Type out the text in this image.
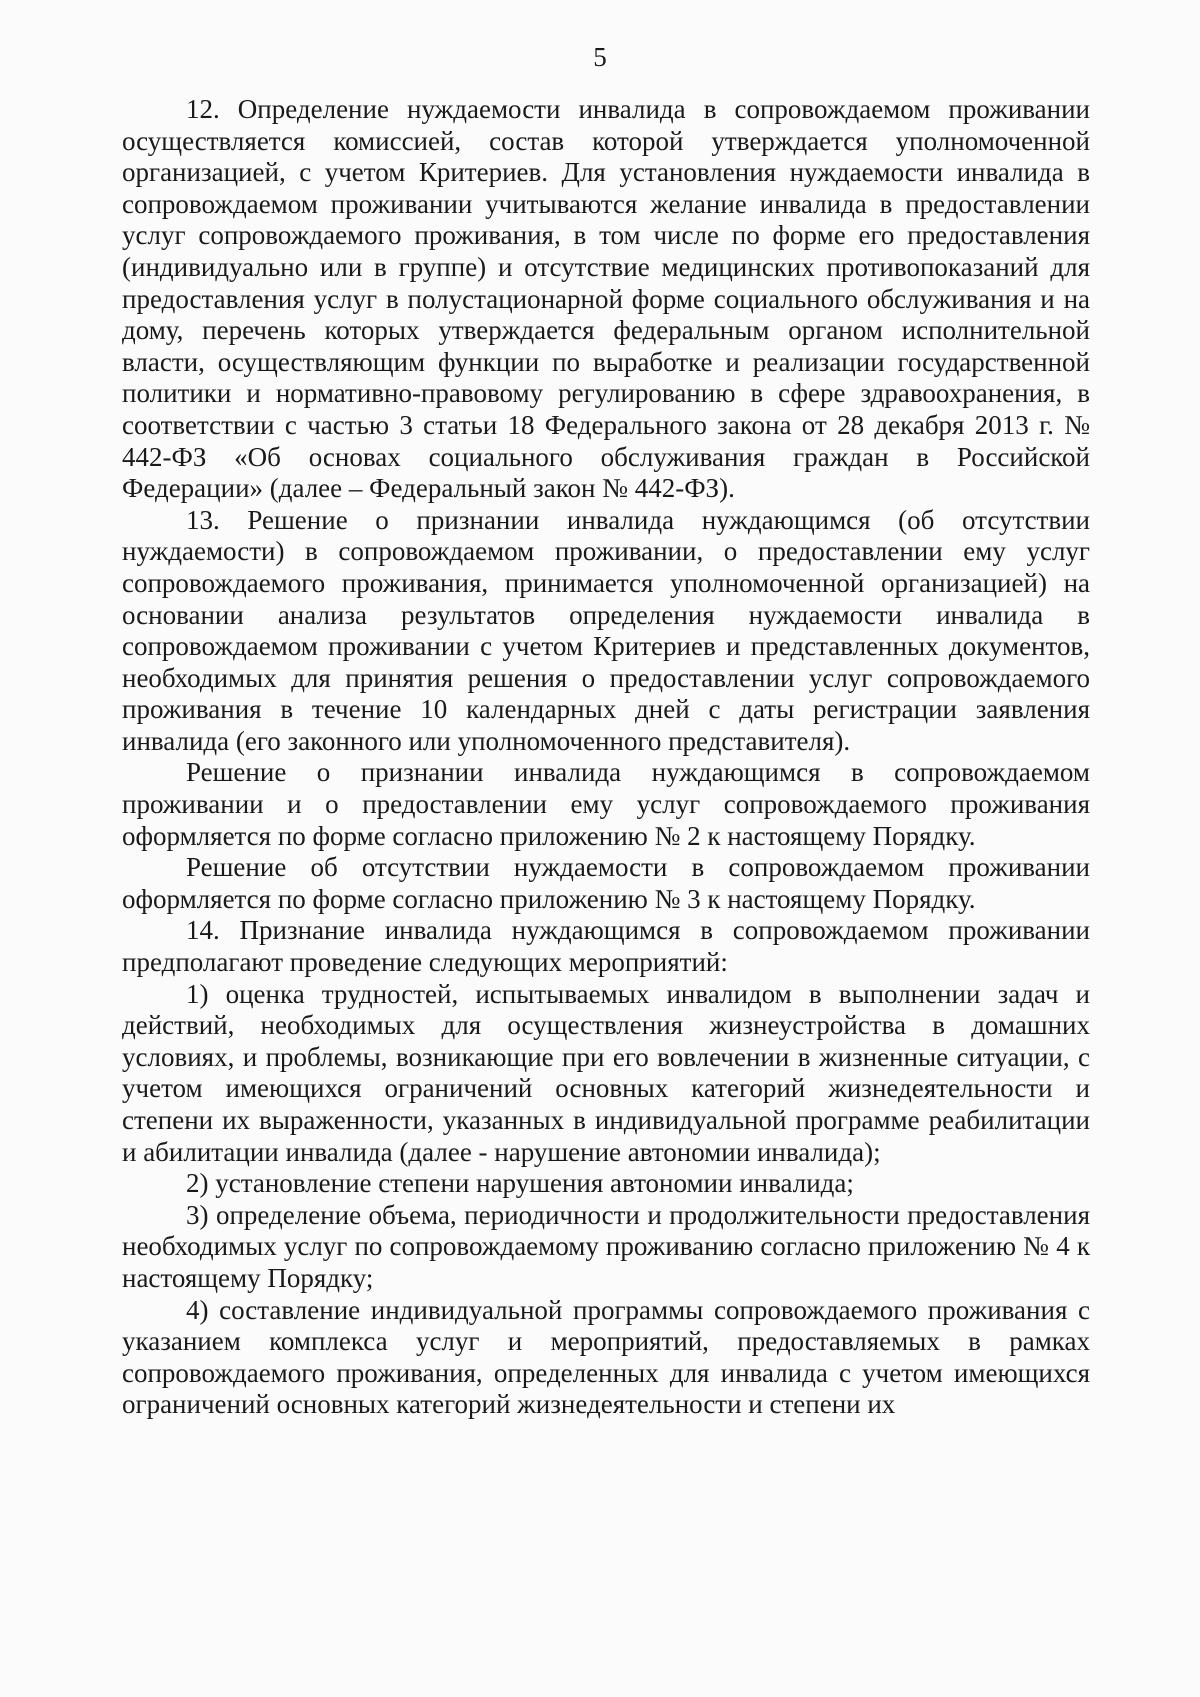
5

12. Определение нуждаемости инвалида в сопровождаемом проживании осуществляется комиссией, состав которой утверждается уполномоченной организацией, с учетом Критериев. Для установления нуждаемости инвалида в сопровождаемом проживании учитываются желание инвалида в предоставлении услуг сопровождаемого проживания, в том числе по форме его предоставления (индивидуально или в группе) и отсутствие медицинских противопоказаний для предоставления услуг в полустационарной форме социального обслуживания и на дому, перечень которых утверждается федеральным органом исполнительной власти, осуществляющим функции по выработке и реализации государственной политики и нормативно-правовому регулированию в сфере здравоохранения, в соответствии с частью 3 статьи 18 Федерального закона от 28 декабря 2013 г. № 442-ФЗ «Об основах социального обслуживания граждан в Российской Федерации» (далее – Федеральный закон № 442-ФЗ).

13. Решение о признании инвалида нуждающимся (об отсутствии нуждаемости) в сопровождаемом проживании, о предоставлении ему услуг сопровождаемого проживания, принимается уполномоченной организацией) на основании анализа результатов определения нуждаемости инвалида в сопровождаемом проживании с учетом Критериев и представленных документов, необходимых для принятия решения о предоставлении услуг сопровождаемого проживания в течение 10 календарных дней с даты регистрации заявления инвалида (его законного или уполномоченного представителя).

Решение о признании инвалида нуждающимся в сопровождаемом проживании и о предоставлении ему услуг сопровождаемого проживания оформляется по форме согласно приложению № 2 к настоящему Порядку.

Решение об отсутствии нуждаемости в сопровождаемом проживании оформляется по форме согласно приложению № 3 к настоящему Порядку.

14. Признание инвалида нуждающимся в сопровождаемом проживании предполагают проведение следующих мероприятий:

1) оценка трудностей, испытываемых инвалидом в выполнении задач и действий, необходимых для осуществления жизнеустройства в домашних условиях, и проблемы, возникающие при его вовлечении в жизненные ситуации, с учетом имеющихся ограничений основных категорий жизнедеятельности и степени их выраженности, указанных в индивидуальной программе реабилитации и абилитации инвалида (далее - нарушение автономии инвалида);

2) установление степени нарушения автономии инвалида;

3) определение объема, периодичности и продолжительности предоставления необходимых услуг по сопровождаемому проживанию согласно приложению № 4 к настоящему Порядку;

4) составление индивидуальной программы сопровождаемого проживания с указанием комплекса услуг и мероприятий, предоставляемых в рамках сопровождаемого проживания, определенных для инвалида с учетом имеющихся ограничений основных категорий жизнедеятельности и степени их
